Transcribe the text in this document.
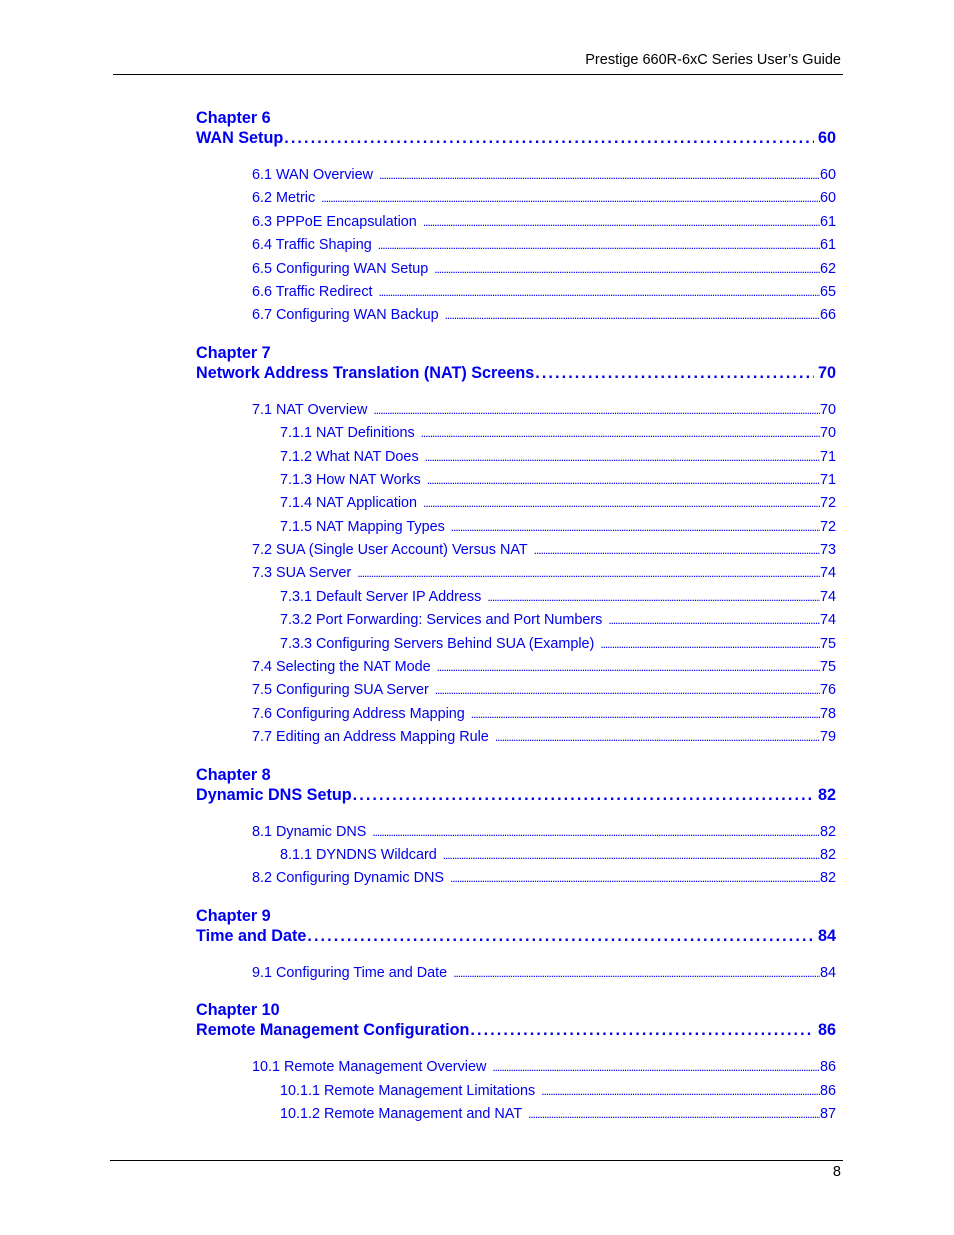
Prestige 660R-6xC Series User’s Guide
Chapter 6
WAN Setup . . .	60
6.1 WAN Overview . . .	60
6.2 Metric . . .	60
6.3 PPPoE Encapsulation . . .	61
6.4 Traffic Shaping . . .	61
6.5 Configuring WAN Setup . . .	62
6.6 Traffic Redirect . . .	65
6.7 Configuring WAN Backup . . .	66
Chapter 7
Network Address Translation (NAT) Screens . . .	70
7.1 NAT Overview . . .	70
7.1.1 NAT Definitions . . .	70
7.1.2 What NAT Does . . .	71
7.1.3 How NAT Works . . .	71
7.1.4 NAT Application . . .	72
7.1.5 NAT Mapping Types . . .	72
7.2 SUA (Single User Account) Versus NAT . . .	73
7.3 SUA Server . . .	74
7.3.1 Default Server IP Address . . .	74
7.3.2 Port Forwarding: Services and Port Numbers . . .	74
7.3.3 Configuring Servers Behind SUA (Example) . . .	75
7.4 Selecting the NAT Mode . . .	75
7.5 Configuring SUA Server . . .	76
7.6 Configuring Address Mapping . . .	78
7.7 Editing an Address Mapping Rule . . .	79
Chapter 8
Dynamic DNS Setup . . .	82
8.1 Dynamic DNS . . .	82
8.1.1 DYNDNS Wildcard . . .	82
8.2 Configuring Dynamic DNS . . .	82
Chapter 9
Time and Date . . .	84
9.1 Configuring Time and Date . . .	84
Chapter 10
Remote Management Configuration . . .	86
10.1 Remote Management Overview . . .	86
10.1.1 Remote Management Limitations . . .	86
10.1.2 Remote Management and NAT . . .	87
8
